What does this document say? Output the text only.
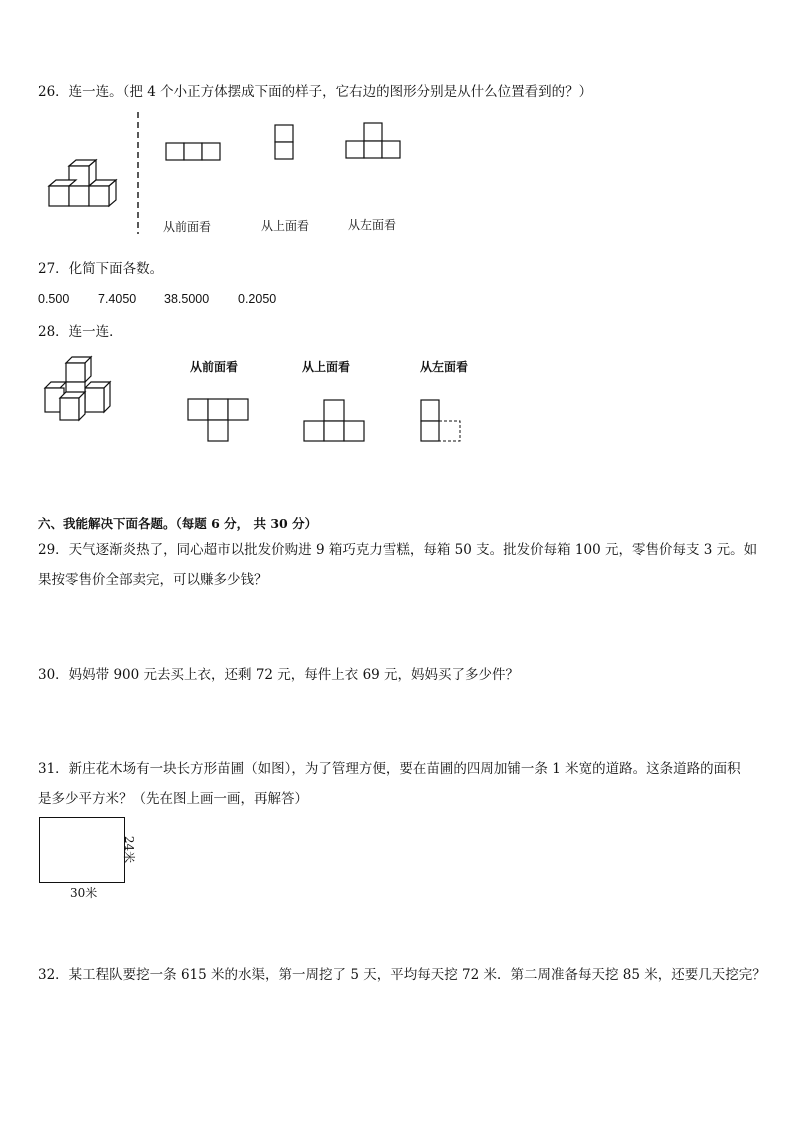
26．连一连。（把 4 个小正方体摆成下面的样子，它右边的图形分别是从什么位置看到的？）
从前面看	从上面看	从左面看
27．化简下面各数。
0.500 7.4050 38.5000 0.2050
28．连一连．
从前面看	从上面看	从左面看
六、我能解决下面各题。（每题 6 分， 共 30 分）
29．天气逐渐炎热了，同心超市以批发价购进 9 箱巧克力雪糕，每箱 50 支。批发价每箱 100 元，零售价每支 3 元。如
果按零售价全部卖完，可以赚多少钱？
30．妈妈带 900 元去买上衣，还剩 72 元，每件上衣 69 元，妈妈买了多少件？
31．新庄花木场有一块长方形苗圃（如图），为了管理方便，要在苗圃的四周加铺一条 1 米宽的道路。这条道路的面积
是多少平方米？（先在图上画一画，再解答）
30米
24米
32．某工程队要挖一条 615 米的水渠，第一周挖了 5 天，平均每天挖 72 米．第二周准备每天挖 85 米，还要几天挖完？
